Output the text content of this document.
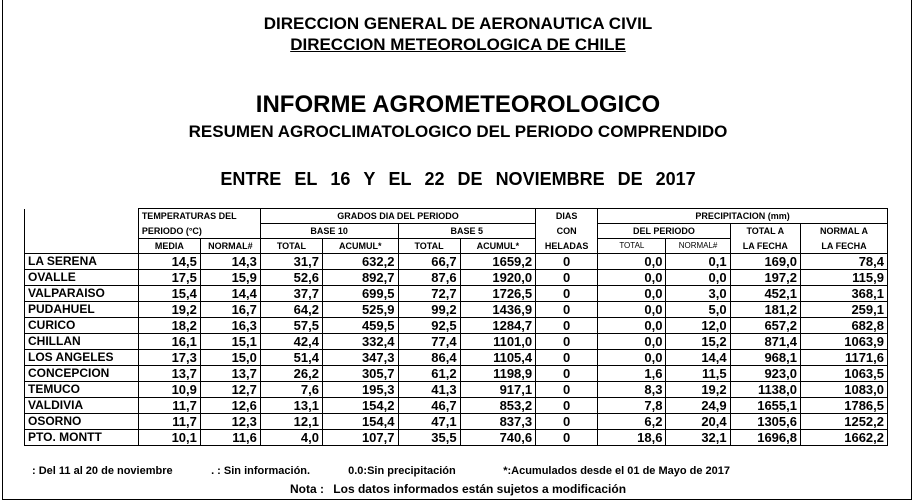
DIRECCION GENERAL DE AERONAUTICA CIVIL
DIRECCION METEOROLOGICA DE CHILE
INFORME AGROMETEOROLOGICO
RESUMEN AGROCLIMATOLOGICO DEL PERIODO COMPRENDIDO
ENTRE EL 16 Y EL 22 DE NOVIEMBRE DE 2017
	TEMPERATURAS DEL		GRADOS DIA DEL PERIODO				DIAS	PRECIPITACION (mm)			
	PERIODO (°C)		BASE 10		BASE 5		CON	DEL PERIODO		TOTAL A	NORMAL A
	MEDIA	NORMAL#	TOTAL	ACUMUL*	TOTAL	ACUMUL*	HELADAS	TOTAL	NORMAL#	LA FECHA	LA FECHA
LA SERENA	14,5	14,3	31,7	632,2	66,7	1659,2	0	0,0	0,1	169,0	78,4
OVALLE	17,5	15,9	52,6	892,7	87,6	1920,0	0	0,0	0,0	197,2	115,9
VALPARAISO	15,4	14,4	37,7	699,5	72,7	1726,5	0	0,0	3,0	452,1	368,1
PUDAHUEL	19,2	16,7	64,2	525,9	99,2	1436,9	0	0,0	5,0	181,2	259,1
CURICO	18,2	16,3	57,5	459,5	92,5	1284,7	0	0,0	12,0	657,2	682,8
CHILLAN	16,1	15,1	42,4	332,4	77,4	1101,0	0	0,0	15,2	871,4	1063,9
LOS ANGELES	17,3	15,0	51,4	347,3	86,4	1105,4	0	0,0	14,4	968,1	1171,6
CONCEPCION	13,7	13,7	26,2	305,7	61,2	1198,9	0	1,6	11,5	923,0	1063,5
TEMUCO	10,9	12,7	7,6	195,3	41,3	917,1	0	8,3	19,2	1138,0	1083,0
VALDIVIA	11,7	12,6	13,1	154,2	46,7	853,2	0	7,8	24,9	1655,1	1786,5
OSORNO	11,7	12,3	12,1	154,4	47,1	837,3	0	6,2	20,4	1305,6	1252,2
PTO. MONTT	10,1	11,6	4,0	107,7	35,5	740,6	0	18,6	32,1	1696,8	1662,2
: Del 11 al 20 de noviembre	. : Sin información.	0.0:Sin precipitación	*:Acumulados desde el 01 de Mayo de 2017
Nota : Los datos informados están sujetos a modificación
